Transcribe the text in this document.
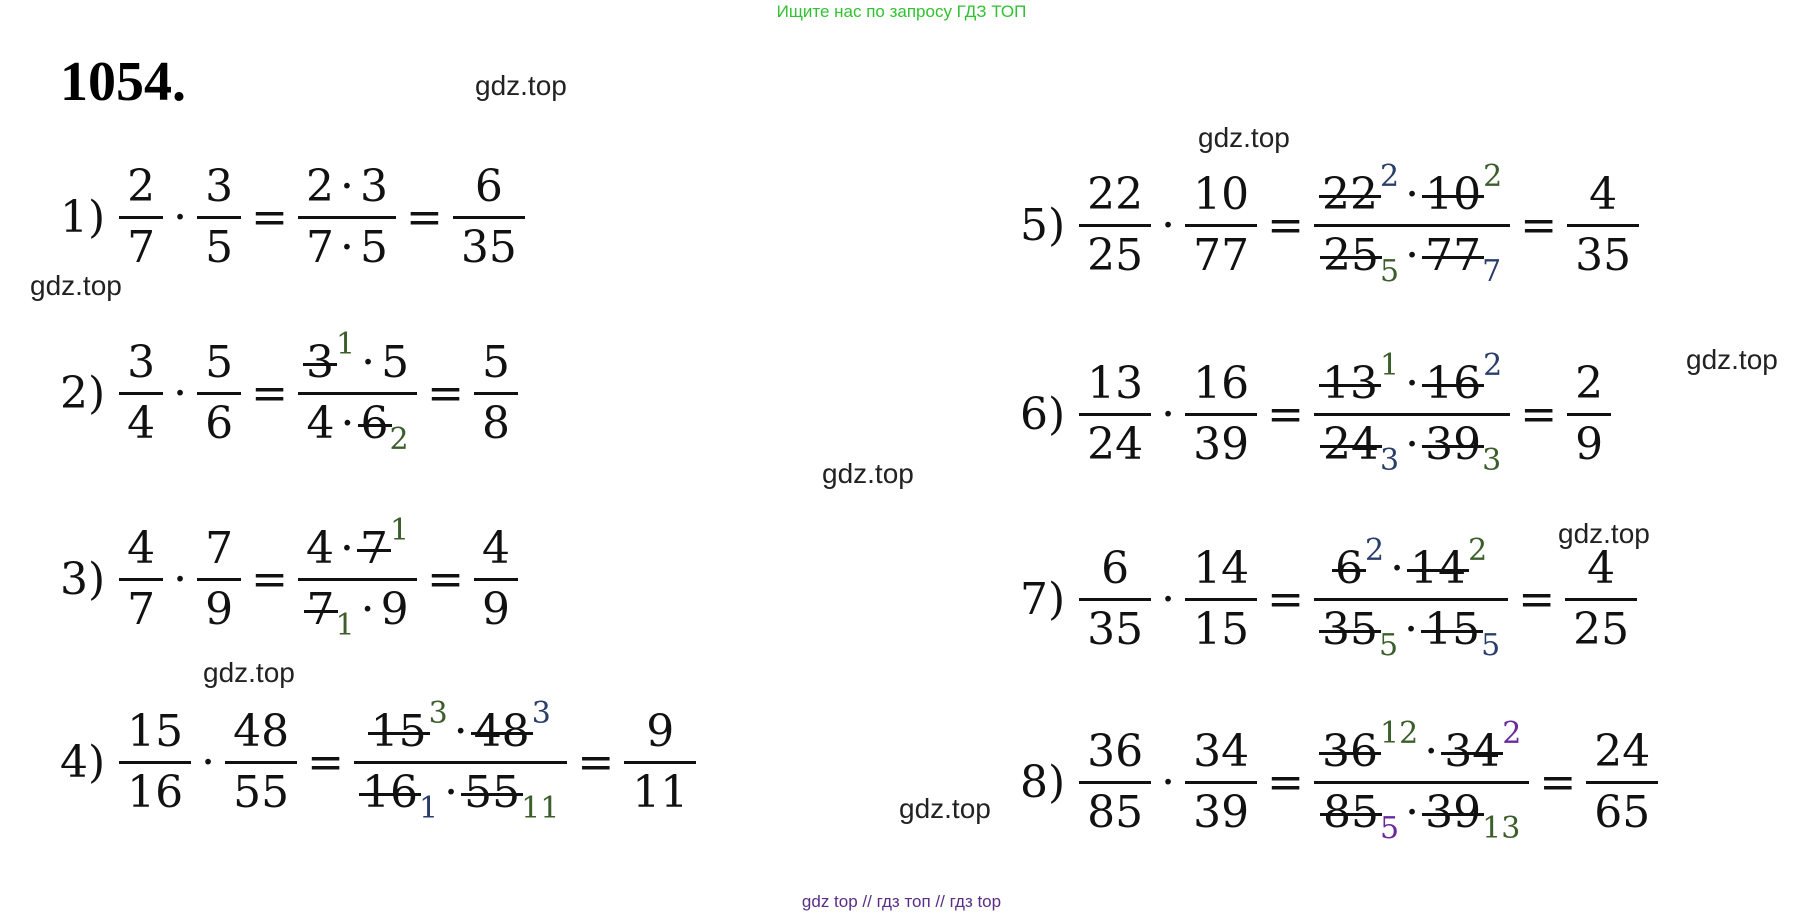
Ищите нас по запросу ГДЗ ТОП
1054.	gdz.top
gdz.top
gdz.top
gdz.top
gdz.top
gdz.top
gdz.top
gdz.top
$1) \frac{2}{7} \cdot \frac{3}{5} = \frac{2 \cdot 3}{7 \cdot 5} = \frac{6}{35}$
$2) \frac{3}{4} \cdot \frac{5}{6} = \frac{3 1 \cdot 5}{4 \cdot 6 2} = \frac{5}{8}$
$3) \frac{4}{7} \cdot \frac{7}{9} = \frac{4 \cdot 7 1}{7 1 \cdot 9} = \frac{4}{9}$
$4) \frac{15}{16} \cdot \frac{48}{55} = \frac{15 3 \cdot 48 3}{16 1 \cdot 55 11} = \frac{9}{11}$
$5) \frac{22}{25} \cdot \frac{10}{77} = \frac{22 2 \cdot 10 2}{25 5 \cdot 77 7} = \frac{4}{35}$
$6) \frac{13}{24} \cdot \frac{16}{39} = \frac{13 1 \cdot 16 2}{24 3 \cdot 39 3} = \frac{2}{9}$
$7) \frac{6}{35} \cdot \frac{14}{15} = \frac{6 2 \cdot 14 2}{35 5 \cdot 15 5} = \frac{4}{25}$
$8) \frac{36}{85} \cdot \frac{34}{39} = \frac{36 12 \cdot 34 2}{85 5 \cdot 39 13} = \frac{24}{65}$
gdz top // гдз топ // гдз top
